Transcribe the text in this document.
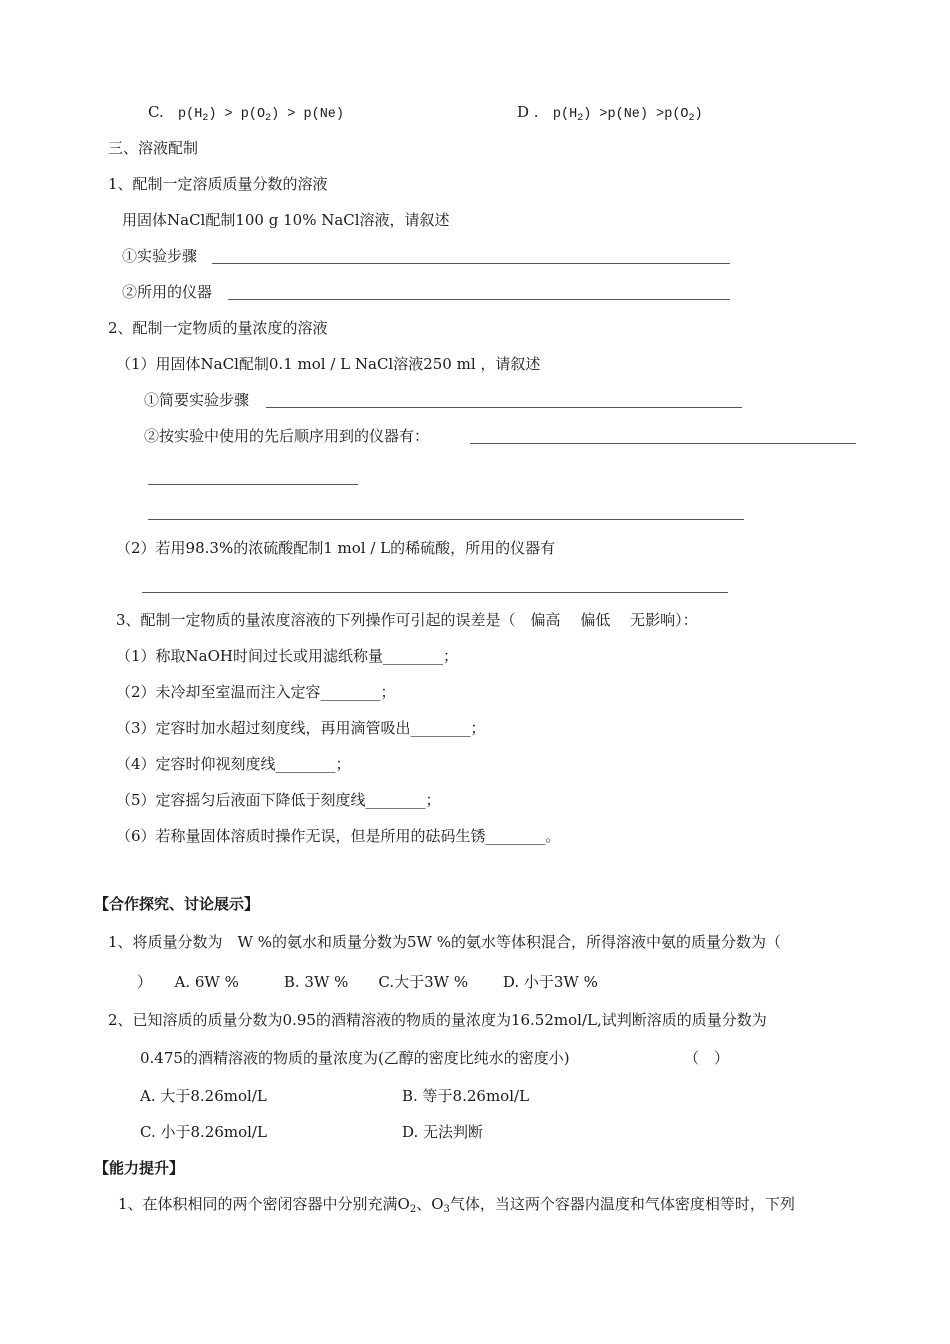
C. $p(H_2) > p(O_2) > p(Ne)$	D . $p(H_2) >p(Ne) >p(O_2)$
三、溶液配制
1、配制一定溶质质量分数的溶液
用固体NaCl配制100 g 10% NaCl溶液，请叙述
①实验步骤
②所用的仪器
2、配制一定物质的量浓度的溶液
（1）用固体NaCl配制0.1 mol / L NaCl溶液250 ml ，请叙述
①简要实验步骤
②按实验中使用的先后顺序用到的仪器有：
（2）若用98.3%的浓硫酸配制1 mol / L的稀硫酸，所用的仪器有
3、配制一定物质的量浓度溶液的下列操作可引起的误差是（　偏高　 偏低　 无影响）：
（1）称取NaOH时间过长或用滤纸称量________；
（2）未冷却至室温而注入定容________；
（3）定容时加水超过刻度线，再用滴管吸出________；
（4）定容时仰视刻度线________；
（5）定容摇匀后液面下降低于刻度线________；
（6）若称量固体溶质时操作无误，但是所用的砝码生锈________。
【合作探究、讨论展示】
1、将质量分数为　W %的氨水和质量分数为5W %的氨水等体积混合，所得溶液中氨的质量分数为（
　）　　A. 6W %　　　B. 3W %　　C.大于3W %　　 D. 小于3W %
2、已知溶质的质量分数为0.95的酒精溶液的物质的量浓度为16.52mol/L,试判断溶质的质量分数为
0.475的酒精溶液的物质的量浓度为(乙醇的密度比纯水的密度小)	（　）
A. 大于8.26mol/L	B. 等于8.26mol/L
C. 小于8.26mol/L	D. 无法判断
【能力提升】
1、在体积相同的两个密闭容器中分别充满$O_2$、$O_3$气体，当这两个容器内温度和气体密度相等时，下列
